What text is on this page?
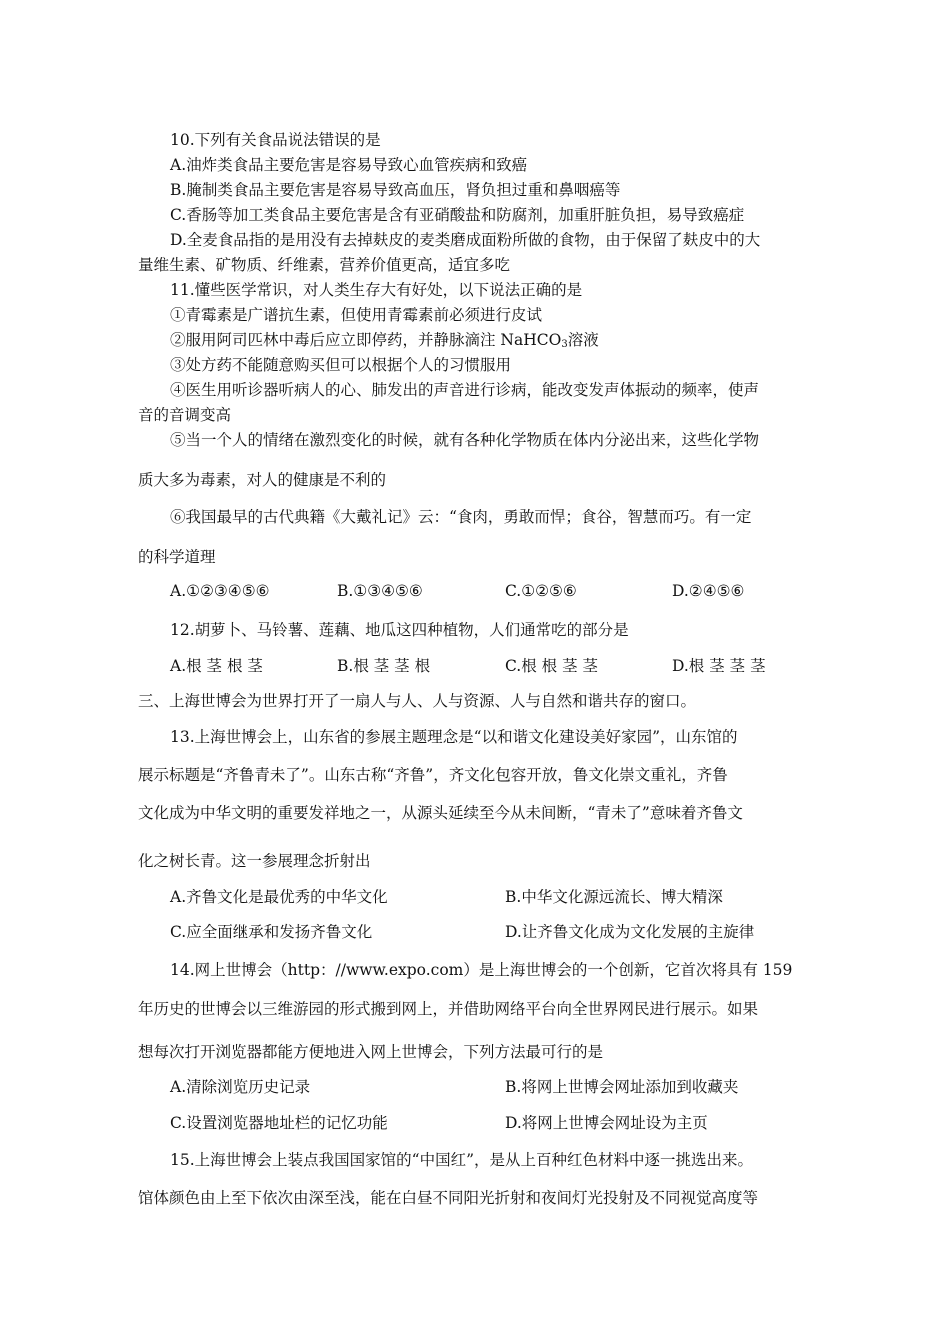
10.下列有关食品说法错误的是
A.油炸类食品主要危害是容易导致心血管疾病和致癌
B.腌制类食品主要危害是容易导致高血压，肾负担过重和鼻咽癌等
C.香肠等加工类食品主要危害是含有亚硝酸盐和防腐剂，加重肝脏负担，易导致癌症
D.全麦食品指的是用没有去掉麸皮的麦类磨成面粉所做的食物，由于保留了麸皮中的大
量维生素、矿物质、纤维素，营养价值更高，适宜多吃
11.懂些医学常识，对人类生存大有好处，以下说法正确的是
①青霉素是广谱抗生素，但使用青霉素前必须进行皮试
②服用阿司匹林中毒后应立即停药，并静脉滴注 NaHCO$_3$溶液
③处方药不能随意购买但可以根据个人的习惯服用
④医生用听诊器听病人的心、肺发出的声音进行诊病，能改变发声体振动的频率，使声
音的音调变高
⑤当一个人的情绪在激烈变化的时候，就有各种化学物质在体内分泌出来，这些化学物
质大多为毒素，对人的健康是不利的
⑥我国最早的古代典籍《大戴礼记》云：“食肉，勇敢而悍；食谷，智慧而巧。有一定
的科学道理
A.①②③④⑤⑥	B.①③④⑤⑥	C.①②⑤⑥	D.②④⑤⑥
12.胡萝卜、马铃薯、莲藕、地瓜这四种植物，人们通常吃的部分是
A.根 茎 根 茎	B.根 茎 茎 根	C.根 根 茎 茎	D.根 茎 茎 茎
三、上海世博会为世界打开了一扇人与人、人与资源、人与自然和谐共存的窗口。
13.上海世博会上，山东省的参展主题理念是“以和谐文化建设美好家园”，山东馆的
展示标题是“齐鲁青未了”。山东古称“齐鲁”，齐文化包容开放，鲁文化崇文重礼，齐鲁
文化成为中华文明的重要发祥地之一，从源头延续至今从未间断，“青未了”意味着齐鲁文
化之树长青。这一参展理念折射出
A.齐鲁文化是最优秀的中华文化	B.中华文化源远流长、博大精深
C.应全面继承和发扬齐鲁文化	D.让齐鲁文化成为文化发展的主旋律
14.网上世博会（http：//www.expo.com）是上海世博会的一个创新，它首次将具有 159
年历史的世博会以三维游园的形式搬到网上，并借助网络平台向全世界网民进行展示。如果
想每次打开浏览器都能方便地进入网上世博会，下列方法最可行的是
A.清除浏览历史记录	B.将网上世博会网址添加到收藏夹
C.设置浏览器地址栏的记忆功能	D.将网上世博会网址设为主页
15.上海世博会上装点我国国家馆的“中国红”，是从上百种红色材料中逐一挑选出来。
馆体颜色由上至下依次由深至浅，能在白昼不同阳光折射和夜间灯光投射及不同视觉高度等
